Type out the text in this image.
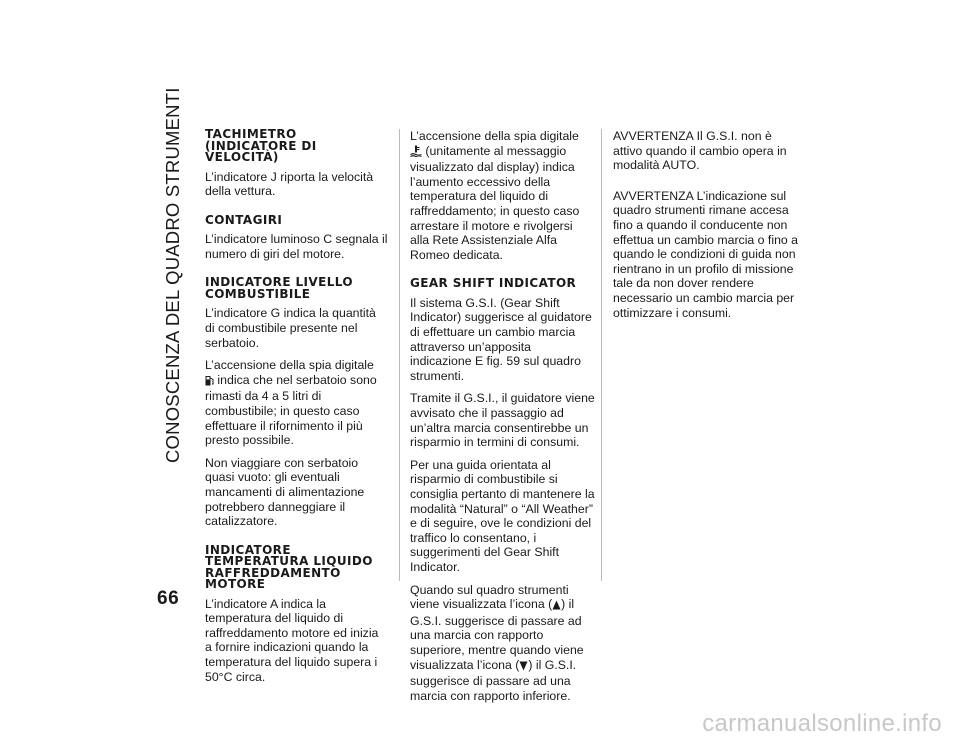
CONOSCENZA DEL QUADRO STRUMENTI
66
TACHIMETRO (INDICATORE DI VELOCITÀ)

L’indicatore J riporta la velocità della vettura.

CONTAGIRI

L’indicatore luminoso C segnala il numero di giri del motore.

INDICATORE LIVELLO COMBUSTIBILE

L’indicatore G indica la quantità di combustibile presente nel serbatoio.

L’accensione della spia digitale
indica che nel serbatoio sono rimasti da 4 a 5 litri di combustibile; in questo caso effettuare il rifornimento il più presto possibile.

Non viaggiare con serbatoio quasi vuoto: gli eventuali mancamenti di alimentazione potrebbero danneggiare il catalizzatore.

INDICATORE TEMPERATURA LIQUIDO RAFFREDDAMENTO MOTORE

L’indicatore A indica la temperatura del liquido di raffreddamento motore ed inizia a fornire indicazioni quando la temperatura del liquido supera i 50°C circa.

L’accensione della spia digitale
(unitamente al messaggio visualizzato dal display) indica l’aumento eccessivo della temperatura del liquido di raffreddamento; in questo caso arrestare il motore e rivolgersi alla Rete Assistenziale Alfa Romeo dedicata.

GEAR SHIFT INDICATOR

Il sistema G.S.I. (Gear Shift Indicator) suggerisce al guidatore di effettuare un cambio marcia attraverso un’apposita indicazione E fig. 59 sul quadro strumenti.

Tramite il G.S.I., il guidatore viene avvisato che il passaggio ad un’altra marcia consentirebbe un risparmio in termini di consumi.

Per una guida orientata al risparmio di combustibile si consiglia pertanto di mantenere la modalità “Natural” o “All Weather” e di seguire, ove le condizioni del traffico lo consentano, i suggerimenti del Gear Shift Indicator.

Quando sul quadro strumenti viene visualizzata l’icona ( ) il G.S.I. suggerisce di passare ad una marcia con rapporto superiore, mentre quando viene visualizzata l’icona ( ) il G.S.I. suggerisce di passare ad una marcia con rapporto inferiore.

AVVERTENZA Il G.S.I. non è attivo quando il cambio opera in modalità AUTO.

AVVERTENZA L’indicazione sul quadro strumenti rimane accesa fino a quando il conducente non effettua un cambio marcia o fino a quando le condizioni di guida non rientrano in un profilo di missione tale da non dover rendere necessario un cambio marcia per ottimizzare i consumi.

carmanualsonline.info
